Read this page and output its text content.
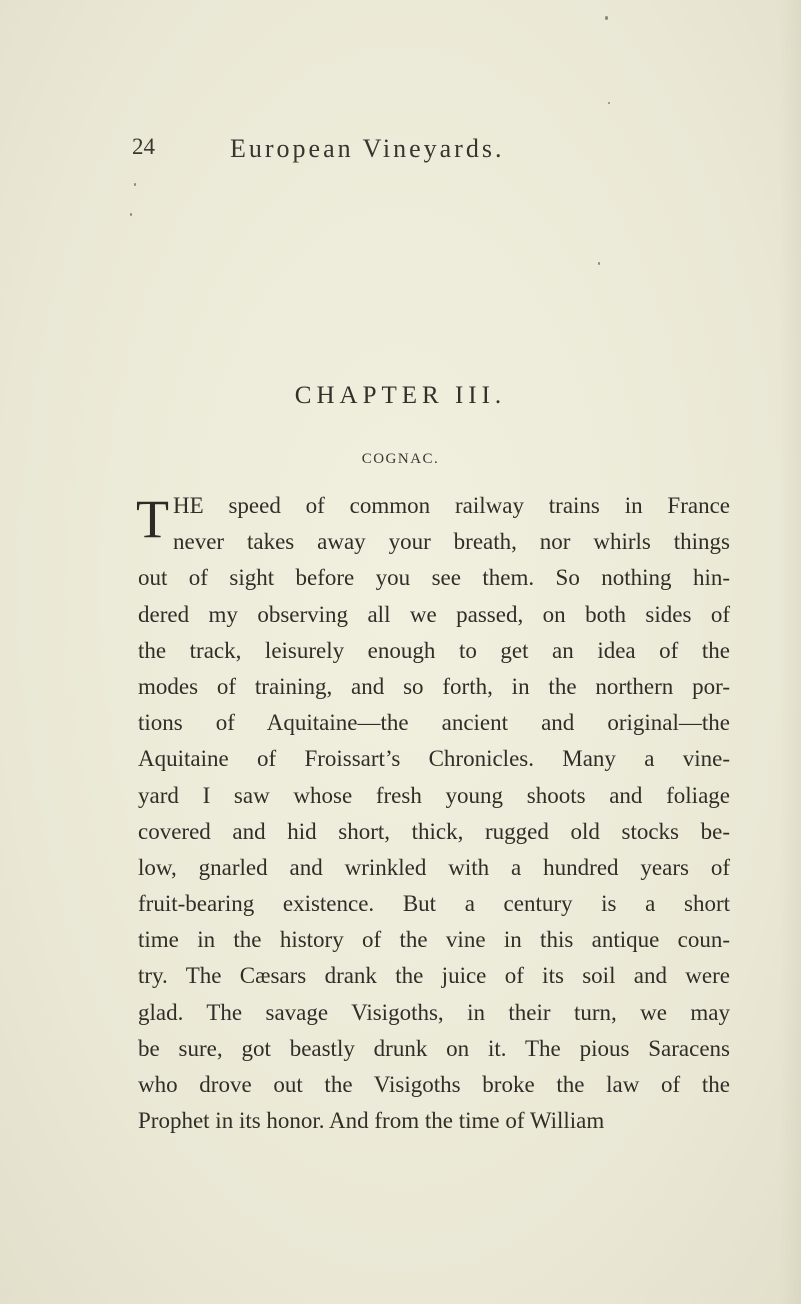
24	European Vineyards.
CHAPTER III.
COGNAC.
T HE speed of common railway trains in France
never takes away your breath, nor whirls things
out of sight before you see them. So nothing hin-
dered my observing all we passed, on both sides of
the track, leisurely enough to get an idea of the
modes of training, and so forth, in the northern por-
tions of Aquitaine—the ancient and original—the
Aquitaine of Froissart’s Chronicles. Many a vine-
yard I saw whose fresh young shoots and foliage
covered and hid short, thick, rugged old stocks be-
low, gnarled and wrinkled with a hundred years of
fruit-bearing existence. But a century is a short
time in the history of the vine in this antique coun-
try. The Cæsars drank the juice of its soil and were
glad. The savage Visigoths, in their turn, we may
be sure, got beastly drunk on it. The pious Saracens
who drove out the Visigoths broke the law of the
Prophet in its honor. And from the time of William
